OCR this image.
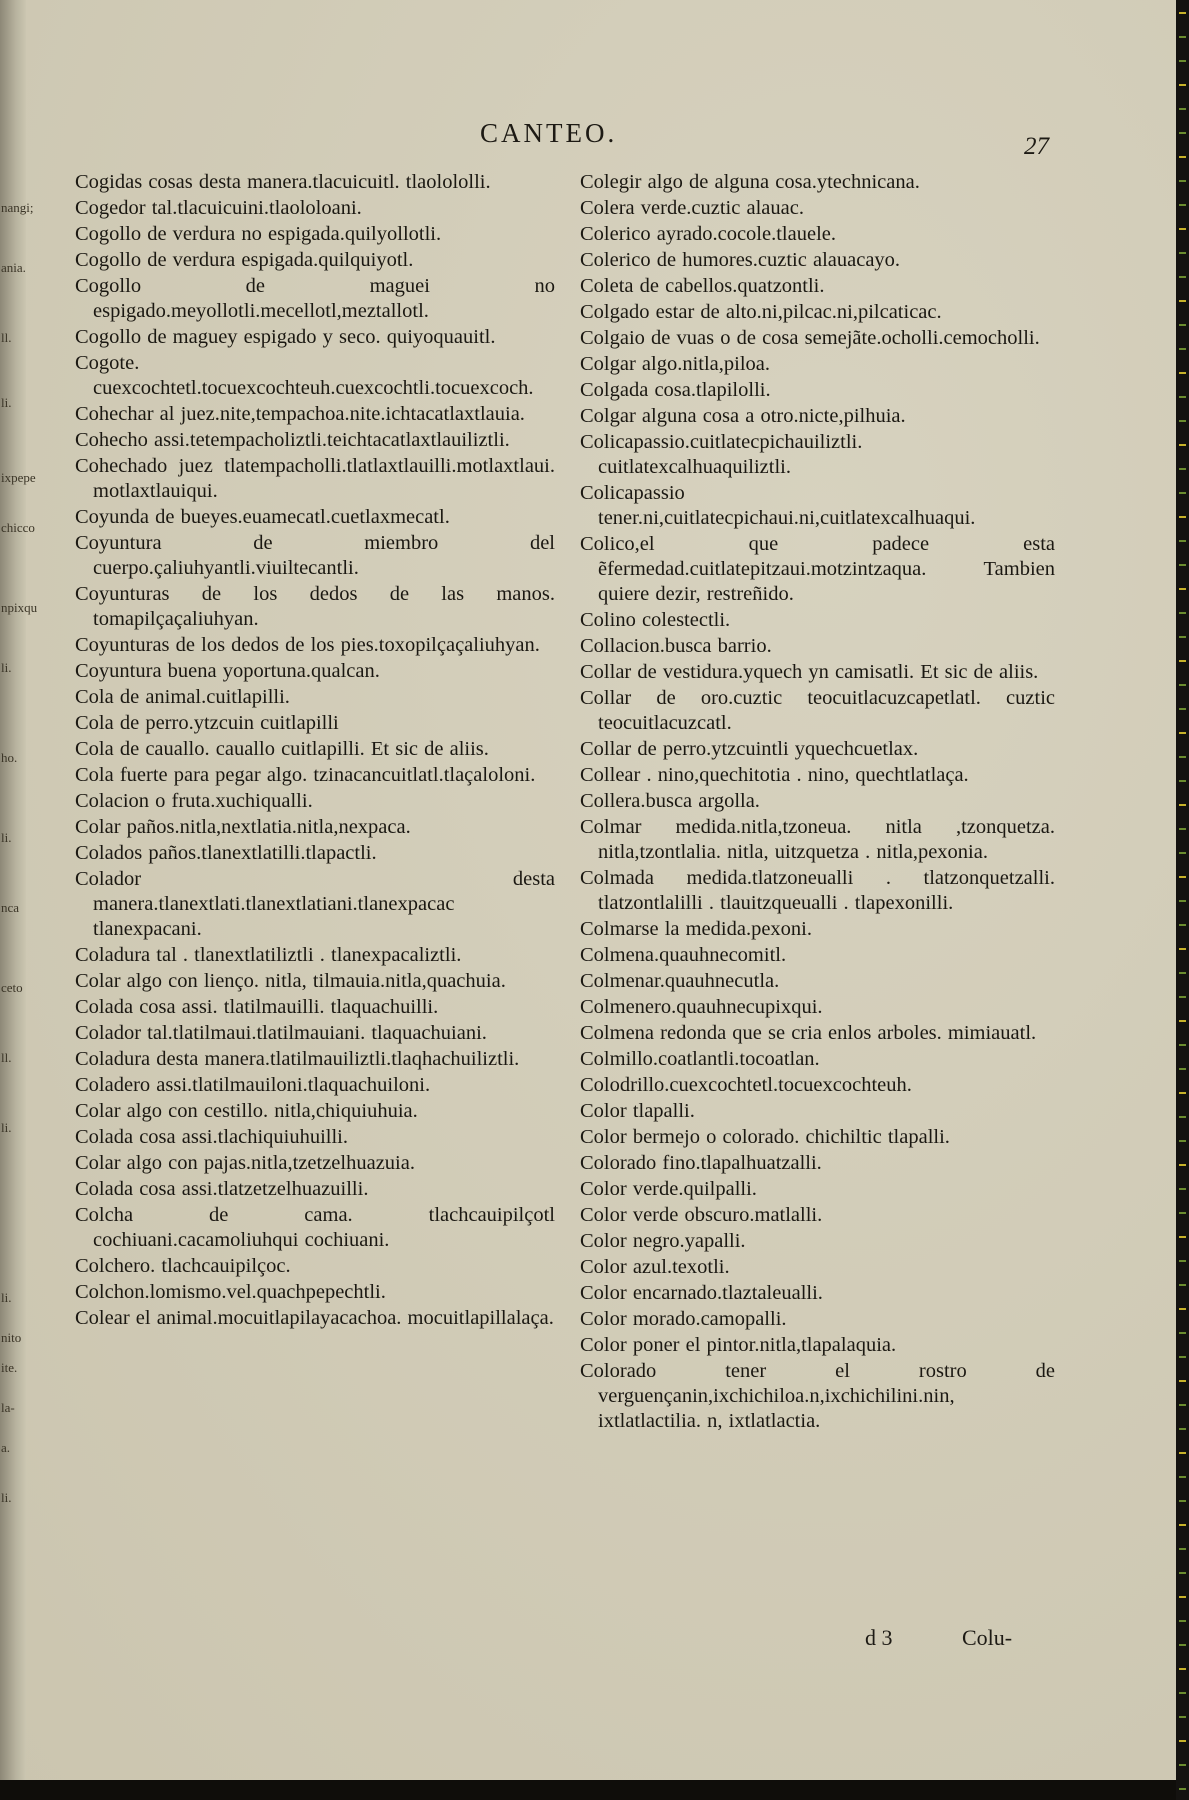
nangi;
ania.
ll.
li.
ixpepe
chicco
npixqu
li.
ho.
li.
nca
ceto
ll.
li.
li.
nito
ite.
la-
a.
li.
CANTEO.	27

Cogidas cosas desta manera.tlacuicuitl. tlaolololli.

Cogedor tal.tlacuicuini.tlaololoani.

Cogollo de verdura no espigada.quilyollotli.

Cogollo de verdura espigada.quilquiyotl.

Cogollo de maguei no espigado.meyollotli.mecellotl,meztallotl.

Cogollo de maguey espigado y seco. quiyoquauitl.

Cogote. cuexcochtetl.tocuexcochteuh.cuexcochtli.tocuexcoch.

Cohechar al juez.nite,tempachoa.nite.ichtacatlaxtlauia.

Cohecho assi.tetempacholiztli.teichtacatlaxtlauiliztli.

Cohechado juez tlatempacholli.tlatlaxtlauilli.motlaxtlaui. motlaxtlauiqui.

Coyunda de bueyes.euamecatl.cuetlaxmecatl.

Coyuntura de miembro del cuerpo.çaliuhyantli.viuiltecantli.

Coyunturas de los dedos de las manos. tomapilçaçaliuhyan.

Coyunturas de los dedos de los pies.toxopilçaçaliuhyan.

Coyuntura buena yoportuna.qualcan.

Cola de animal.cuitlapilli.

Cola de perro.ytzcuin cuitlapilli

Cola de cauallo. cauallo cuitlapilli. Et sic de aliis.

Cola fuerte para pegar algo. tzinacancuitlatl.tlaçaloloni.

Colacion o fruta.xuchiqualli.

Colar paños.nitla,nextlatia.nitla,nexpaca.

Colados paños.tlanextlatilli.tlapactli.

Colador desta manera.tlanextlati.tlanextlatiani.tlanexpacac tlanexpacani.

Coladura tal . tlanextlatiliztli . tlanexpacaliztli.

Colar algo con lienço. nitla, tilmauia.nitla,quachuia.

Colada cosa assi. tlatilmauilli. tlaquachuilli.

Colador tal.tlatilmaui.tlatilmauiani. tlaquachuiani.

Coladura desta manera.tlatilmauiliztli.tlaqhachuiliztli.

Coladero assi.tlatilmauiloni.tlaquachuiloni.

Colar algo con cestillo. nitla,chiquiuhuia.

Colada cosa assi.tlachiquiuhuilli.

Colar algo con pajas.nitla,tzetzelhuazuia.

Colada cosa assi.tlatzetzelhuazuilli.

Colcha de cama. tlachcauipilçotl cochiuani.cacamoliuhqui cochiuani.

Colchero. tlachcauipilçoc.

Colchon.lomismo.vel.quachpepechtli.

Colear el animal.mocuitlapilayacachoa. mocuitlapillalaça.

Colegir algo de alguna cosa.ytechnicana.

Colera verde.cuztic alauac.

Colerico ayrado.cocole.tlauele.

Colerico de humores.cuztic alauacayo.

Coleta de cabellos.quatzontli.

Colgado estar de alto.ni,pilcac.ni,pilcaticac.

Colgaio de vuas o de cosa semejãte.ocholli.cemocholli.

Colgar algo.nitla,piloa.

Colgada cosa.tlapilolli.

Colgar alguna cosa a otro.nicte,pilhuia.

Colicapassio.cuitlatecpichauiliztli. cuitlatexcalhuaquiliztli.

Colicapassio tener.ni,cuitlatecpichaui.ni,cuitlatexcalhuaqui.

Colico,el que padece esta ẽfermedad.cuitlatepitzaui.motzintzaqua. Tambien quiere dezir, restreñido.

Colino colestectli.

Collacion.busca barrio.

Collar de vestidura.yquech yn camisatli. Et sic de aliis.

Collar de oro.cuztic teocuitlacuzcapetlatl. cuztic teocuitlacuzcatl.

Collar de perro.ytzcuintli yquechcuetlax.

Collear . nino,quechitotia . nino, quechtlatlaça.

Collera.busca argolla.

Colmar medida.nitla,tzoneua. nitla ,tzonquetza. nitla,tzontlalia. nitla, uitzquetza . nitla,pexonia.

Colmada medida.tlatzoneualli . tlatzonquetzalli. tlatzontlalilli . tlauitzqueualli . tlapexonilli.

Colmarse la medida.pexoni.

Colmena.quauhnecomitl.

Colmenar.quauhnecutla.

Colmenero.quauhnecupixqui.

Colmena redonda que se cria enlos arboles. mimiauatl.

Colmillo.coatlantli.tocoatlan.

Colodrillo.cuexcochtetl.tocuexcochteuh.

Color tlapalli.

Color bermejo o colorado. chichiltic tlapalli.

Colorado fino.tlapalhuatzalli.

Color verde.quilpalli.

Color verde obscuro.matlalli.

Color negro.yapalli.

Color azul.texotli.

Color encarnado.tlaztaleualli.

Color morado.camopalli.

Color poner el pintor.nitla,tlapalaquia.

Colorado tener el rostro de verguençanin,ixchichiloa.n,ixchichilini.nin, ixtlatlactilia. n, ixtlatlactia.

d 3	Colu-
